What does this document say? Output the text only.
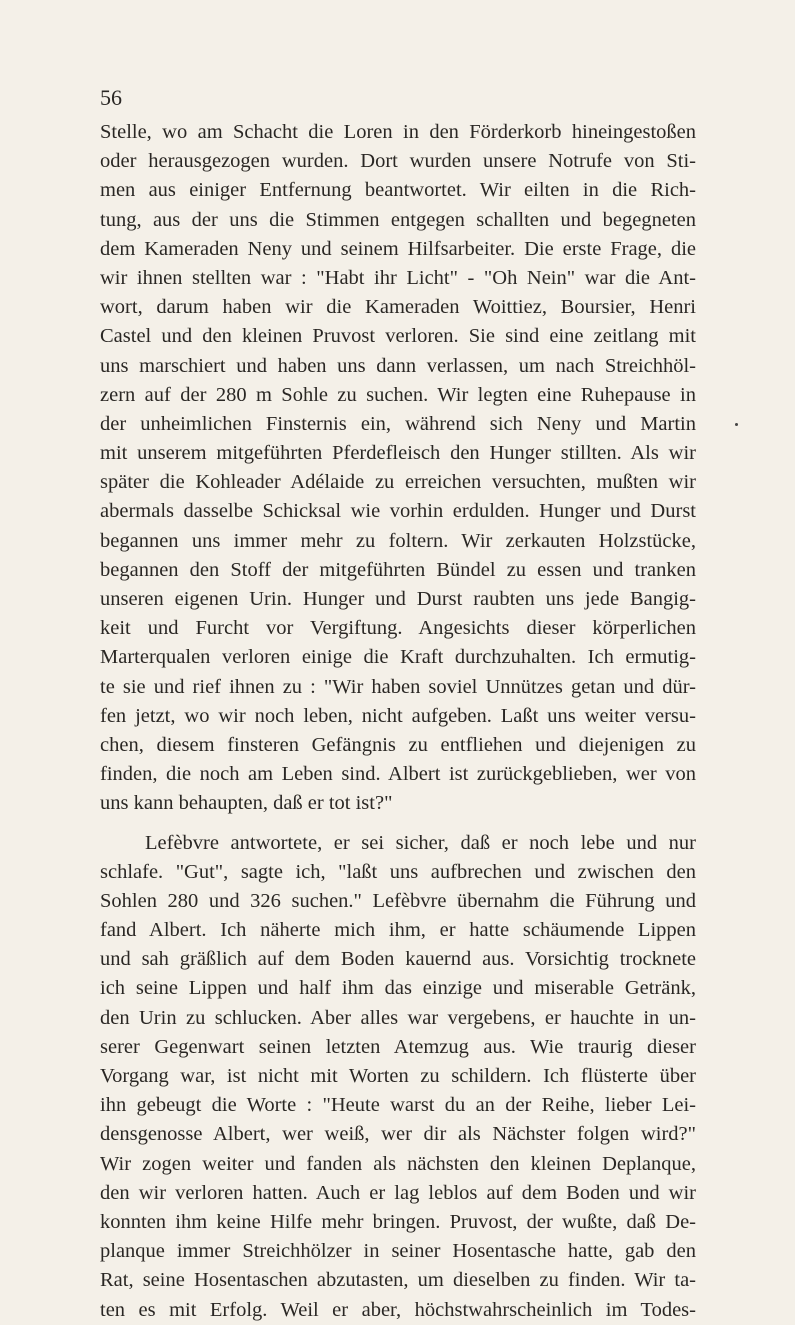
56
Stelle, wo am Schacht die Loren in den Förderkorb hineingestoßen
oder herausgezogen wurden. Dort wurden unsere Notrufe von Sti-
men aus einiger Entfernung beantwortet. Wir eilten in die Rich-
tung, aus der uns die Stimmen entgegen schallten und begegneten
dem Kameraden Neny und seinem Hilfsarbeiter. Die erste Frage, die
wir ihnen stellten war : "Habt ihr Licht" - "Oh Nein" war die Ant-
wort, darum haben wir die Kameraden Woittiez, Boursier, Henri
Castel und den kleinen Pruvost verloren. Sie sind eine zeitlang mit
uns marschiert und haben uns dann verlassen, um nach Streichhöl-
zern auf der 280 m Sohle zu suchen. Wir legten eine Ruhepause in
der unheimlichen Finsternis ein, während sich Neny und Martin
mit unserem mitgeführten Pferdefleisch den Hunger stillten. Als wir
später die Kohleader Adélaide zu erreichen versuchten, mußten wir
abermals dasselbe Schicksal wie vorhin erdulden. Hunger und Durst
begannen uns immer mehr zu foltern. Wir zerkauten Holzstücke,
begannen den Stoff der mitgeführten Bündel zu essen und tranken
unseren eigenen Urin. Hunger und Durst raubten uns jede Bangig-
keit und Furcht vor Vergiftung. Angesichts dieser körperlichen
Marterqualen verloren einige die Kraft durchzuhalten. Ich ermutig-
te sie und rief ihnen zu : "Wir haben soviel Unnützes getan und dür-
fen jetzt, wo wir noch leben, nicht aufgeben. Laßt uns weiter versu-
chen, diesem finsteren Gefängnis zu entfliehen und diejenigen zu
finden, die noch am Leben sind. Albert ist zurückgeblieben, wer von
uns kann behaupten, daß er tot ist?"
Lefèbvre antwortete, er sei sicher, daß er noch lebe und nur
schlafe. "Gut", sagte ich, "laßt uns aufbrechen und zwischen den
Sohlen 280 und 326 suchen." Lefèbvre übernahm die Führung und
fand Albert. Ich näherte mich ihm, er hatte schäumende Lippen
und sah gräßlich auf dem Boden kauernd aus. Vorsichtig trocknete
ich seine Lippen und half ihm das einzige und miserable Getränk,
den Urin zu schlucken. Aber alles war vergebens, er hauchte in un-
serer Gegenwart seinen letzten Atemzug aus. Wie traurig dieser
Vorgang war, ist nicht mit Worten zu schildern. Ich flüsterte über
ihn gebeugt die Worte : "Heute warst du an der Reihe, lieber Lei-
densgenosse Albert, wer weiß, wer dir als Nächster folgen wird?"
Wir zogen weiter und fanden als nächsten den kleinen Deplanque,
den wir verloren hatten. Auch er lag leblos auf dem Boden und wir
konnten ihm keine Hilfe mehr bringen. Pruvost, der wußte, daß De-
planque immer Streichhölzer in seiner Hosentasche hatte, gab den
Rat, seine Hosentaschen abzutasten, um dieselben zu finden. Wir ta-
ten es mit Erfolg. Weil er aber, höchstwahrscheinlich im Todes-
